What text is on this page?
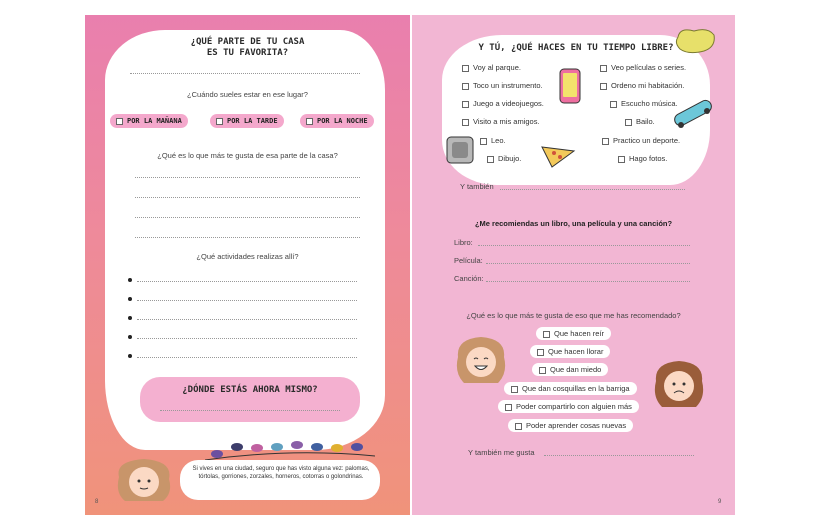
¿QUÉ PARTE DE TU CASA
ES TU FAVORITA?
¿Cuándo sueles estar en ese lugar?
POR LA MAÑANA	POR LA TARDE	POR LA NOCHE
¿Qué es lo que más te gusta de esa parte de la casa?
¿Qué actividades realizas allí?
¿DÓNDE ESTÁS AHORA MISMO?
Si vives en una ciudad, seguro que has visto alguna vez: palomas, tórtolas, gorriones, zorzales, horneros, cotorras o golondrinas.
8
Y TÚ, ¿QUÉ HACES EN TU TIEMPO LIBRE?
Voy al parque.
Toco un instrumento.
Juego a videojuegos.
Visito a mis amigos.
Veo películas o series.
Ordeno mi habitación.
Escucho música.
Bailo.
Practico un deporte.
Leo.
Dibujo.	Hago fotos.
Y también
¿Me recomiendas un libro, una película y una canción?
Libro:
Película:
Canción:
¿Qué es lo que más te gusta de eso que me has recomendado?
Que hacen reír
Que hacen llorar
Que dan miedo
Que dan cosquillas en la barriga
Poder compartirlo con alguien más
Poder aprender cosas nuevas
Y también me gusta
9
